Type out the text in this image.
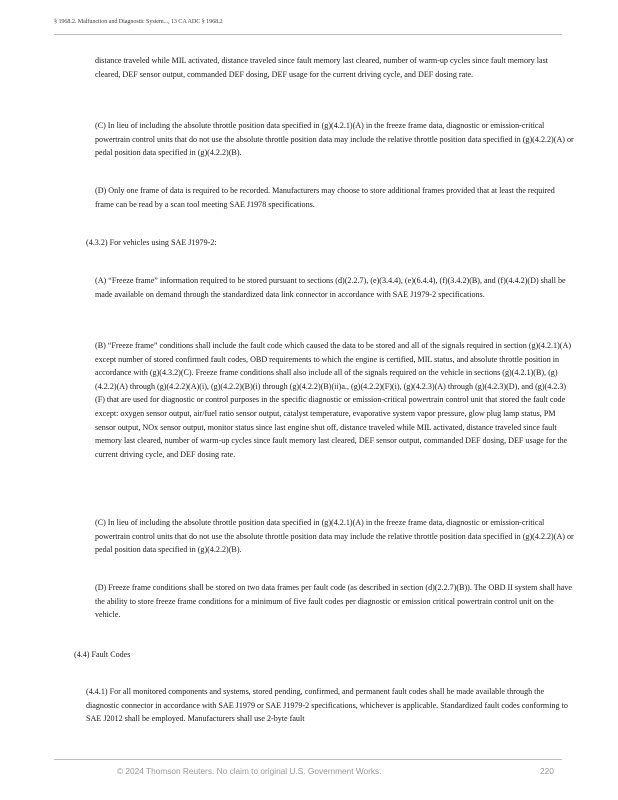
§ 1968.2. Malfunction and Diagnostic System..., 13 CA ADC § 1968.2
distance traveled while MIL activated, distance traveled since fault memory last cleared, number of warm-up cycles since fault memory last cleared, DEF sensor output, commanded DEF dosing, DEF usage for the current driving cycle, and DEF dosing rate.
(C) In lieu of including the absolute throttle position data specified in (g)(4.2.1)(A) in the freeze frame data, diagnostic or emission-critical powertrain control units that do not use the absolute throttle position data may include the relative throttle position data specified in (g)(4.2.2)(A) or pedal position data specified in (g)(4.2.2)(B).
(D) Only one frame of data is required to be recorded. Manufacturers may choose to store additional frames provided that at least the required frame can be read by a scan tool meeting SAE J1978 specifications.
(4.3.2) For vehicles using SAE J1979-2:
(A) “Freeze frame” information required to be stored pursuant to sections (d)(2.2.7), (e)(3.4.4), (e)(6.4.4), (f)(3.4.2)(B), and (f)(4.4.2)(D) shall be made available on demand through the standardized data link connector in accordance with SAE J1979-2 specifications.
(B) “Freeze frame” conditions shall include the fault code which caused the data to be stored and all of the signals required in section (g)(4.2.1)(A) except number of stored confirmed fault codes, OBD requirements to which the engine is certified, MIL status, and absolute throttle position in accordance with (g)(4.3.2)(C). Freeze frame conditions shall also include all of the signals required on the vehicle in sections (g)(4.2.1)(B), (g)(4.2.2)(A) through (g)(4.2.2)(A)(i), (g)(4.2.2)(B)(i) through (g)(4.2.2)(B)(ii)a., (g)(4.2.2)(F)(i), (g)(4.2.3)(A) through (g)(4.2.3)(D), and (g)(4.2.3)(F) that are used for diagnostic or control purposes in the specific diagnostic or emission-critical powertrain control unit that stored the fault code except: oxygen sensor output, air/fuel ratio sensor output, catalyst temperature, evaporative system vapor pressure, glow plug lamp status, PM sensor output, NOx sensor output, monitor status since last engine shut off, distance traveled while MIL activated, distance traveled since fault memory last cleared, number of warm-up cycles since fault memory last cleared, DEF sensor output, commanded DEF dosing, DEF usage for the current driving cycle, and DEF dosing rate.
(C) In lieu of including the absolute throttle position data specified in (g)(4.2.1)(A) in the freeze frame data, diagnostic or emission-critical powertrain control units that do not use the absolute throttle position data may include the relative throttle position data specified in (g)(4.2.2)(A) or pedal position data specified in (g)(4.2.2)(B).
(D) Freeze frame conditions shall be stored on two data frames per fault code (as described in section (d)(2.2.7)(B)). The OBD II system shall have the ability to store freeze frame conditions for a minimum of five fault codes per diagnostic or emission critical powertrain control unit on the vehicle.
(4.4) Fault Codes
(4.4.1) For all monitored components and systems, stored pending, confirmed, and permanent fault codes shall be made available through the diagnostic connector in accordance with SAE J1979 or SAE J1979-2 specifications, whichever is applicable. Standardized fault codes conforming to SAE J2012 shall be employed. Manufacturers shall use 2-byte fault
© 2024 Thomson Reuters. No claim to original U.S. Government Works.	220
